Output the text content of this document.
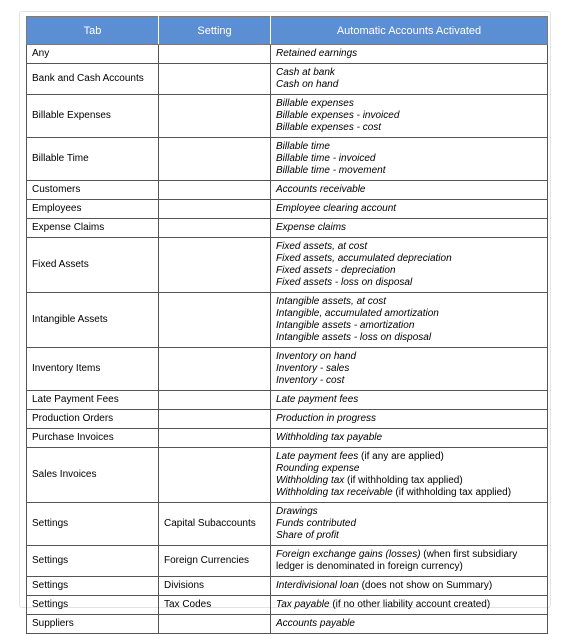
Tab	Setting	Automatic Accounts Activated
Any		Retained earnings

Bank and Cash Accounts		Cash at bank
Cash on hand

Billable Expenses		Billable expenses
Billable expenses - invoiced
Billable expenses - cost

Billable Time		Billable time
Billable time - invoiced
Billable time - movement

Customers		Accounts receivable

Employees		Employee clearing account

Expense Claims		Expense claims

Fixed Assets		Fixed assets, at cost
Fixed assets, accumulated depreciation
Fixed assets - depreciation
Fixed assets - loss on disposal

Intangible Assets		Intangible assets, at cost
Intangible, accumulated amortization
Intangible assets - amortization
Intangible assets - loss on disposal

Inventory Items		Inventory on hand
Inventory - sales
Inventory - cost

Late Payment Fees		Late payment fees

Production Orders		Production in progress

Purchase Invoices		Withholding tax payable

Sales Invoices		Late payment fees (if any are applied)
Rounding expense
Withholding tax (if withholding tax applied)
Withholding tax receivable (if withholding tax applied)

Settings	Capital Subaccounts	Drawings
Funds contributed
Share of profit

Settings	Foreign Currencies	Foreign exchange gains (losses) (when first subsidiary
ledger is denominated in foreign currency)

Settings	Divisions	Interdivisional loan (does not show on Summary)

Settings	Tax Codes	Tax payable (if no other liability account created)

Suppliers		Accounts payable
